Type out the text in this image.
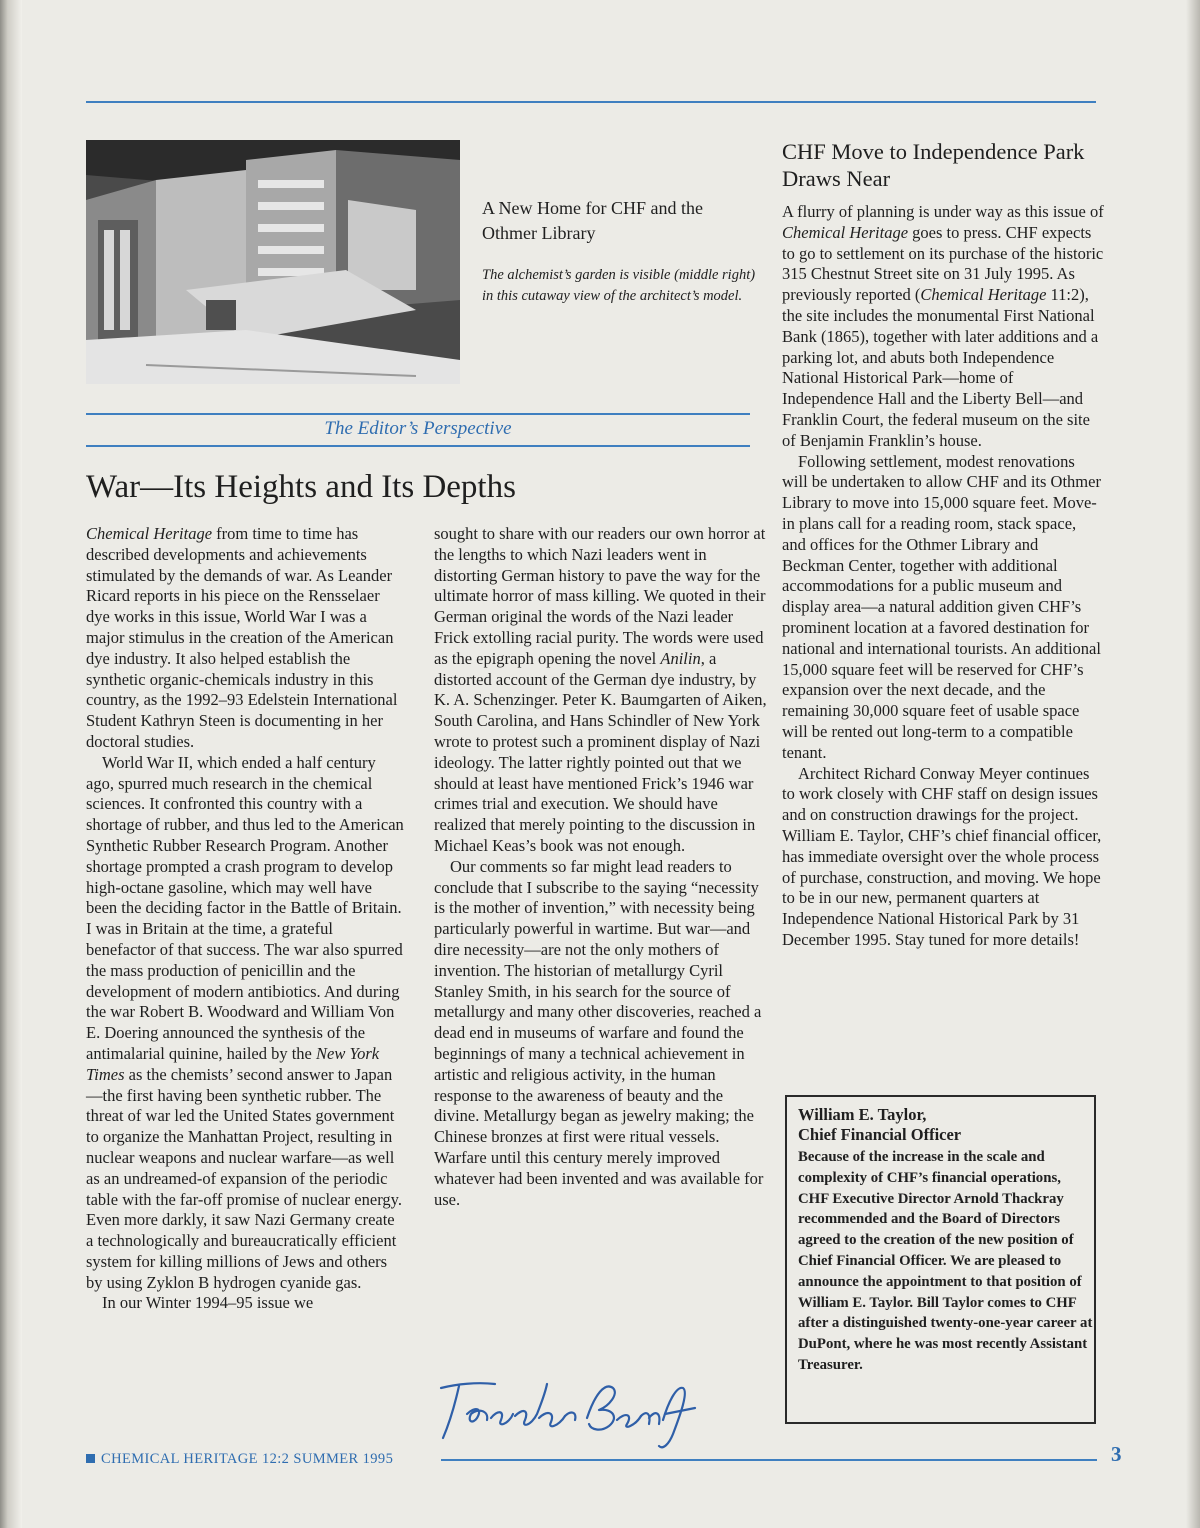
A New Home for CHF and the Othmer Library
The alchemist’s garden is visible (middle right) in this cutaway view of the architect’s model.
The Editor’s Perspective
War—Its Heights and Its Depths

Chemical Heritage from time to time has described developments and achievements stimulated by the demands of war. As Leander Ricard reports in his piece on the Rensselaer dye works in this issue, World War I was a major stimulus in the creation of the American dye industry. It also helped establish the synthetic organic-chemicals industry in this country, as the 1992–93 Edelstein International Student Kathryn Steen is documenting in her doctoral studies.

World War II, which ended a half century ago, spurred much research in the chemical sciences. It confronted this country with a shortage of rubber, and thus led to the American Synthetic Rubber Research Program. Another shortage prompted a crash program to develop high-octane gasoline, which may well have been the deciding factor in the Battle of Britain. I was in Britain at the time, a grateful benefactor of that success. The war also spurred the mass production of penicillin and the development of modern antibiotics. And during the war Robert B. Woodward and William Von E. Doering announced the synthesis of the antimalarial quinine, hailed by the New York Times as the chemists’ second answer to Japan—the first having been synthetic rubber. The threat of war led the United States government to organize the Manhattan Project, resulting in nuclear weapons and nuclear warfare—as well as an undreamed-of expansion of the periodic table with the far-off promise of nuclear energy. Even more darkly, it saw Nazi Germany create a technologically and bureaucratically efficient system for killing millions of Jews and others by using Zyklon B hydrogen cyanide gas.

In our Winter 1994–95 issue we

sought to share with our readers our own horror at the lengths to which Nazi leaders went in distorting German history to pave the way for the ultimate horror of mass killing. We quoted in their German original the words of the Nazi leader Frick extolling racial purity. The words were used as the epigraph opening the novel Anilin, a distorted account of the German dye industry, by K. A. Schenzinger. Peter K. Baumgarten of Aiken, South Carolina, and Hans Schindler of New York wrote to protest such a prominent display of Nazi ideology. The latter rightly pointed out that we should at least have mentioned Frick’s 1946 war crimes trial and execution. We should have realized that merely pointing to the discussion in Michael Keas’s book was not enough.

Our comments so far might lead readers to conclude that I subscribe to the saying “necessity is the mother of invention,” with necessity being particularly powerful in wartime. But war—and dire necessity—are not the only mothers of invention. The historian of metallurgy Cyril Stanley Smith, in his search for the source of metallurgy and many other discoveries, reached a dead end in museums of warfare and found the beginnings of many a technical achievement in artistic and religious activity, in the human response to the awareness of beauty and the divine. Metallurgy began as jewelry making; the Chinese bronzes at first were ritual vessels. Warfare until this century merely improved whatever had been invented and was available for use.

CHF Move to Independence Park Draws Near

A flurry of planning is under way as this issue of Chemical Heritage goes to press. CHF expects to go to settlement on its purchase of the historic 315 Chestnut Street site on 31 July 1995. As previously reported (Chemical Heritage 11:2), the site includes the monumental First National Bank (1865), together with later additions and a parking lot, and abuts both Independence National Historical Park—home of Independence Hall and the Liberty Bell—and Franklin Court, the federal museum on the site of Benjamin Franklin’s house.

Following settlement, modest renovations will be undertaken to allow CHF and its Othmer Library to move into 15,000 square feet. Move-in plans call for a reading room, stack space, and offices for the Othmer Library and Beckman Center, together with additional accommodations for a public museum and display area—a natural addition given CHF’s prominent location at a favored destination for national and international tourists. An additional 15,000 square feet will be reserved for CHF’s expansion over the next decade, and the remaining 30,000 square feet of usable space will be rented out long-term to a compatible tenant.

Architect Richard Conway Meyer continues to work closely with CHF staff on design issues and on construction drawings for the project. William E. Taylor, CHF’s chief financial officer, has immediate oversight over the whole process of purchase, construction, and moving. We hope to be in our new, permanent quarters at Independence National Historical Park by 31 December 1995. Stay tuned for more details!

William E. Taylor,
Chief Financial Officer
Because of the increase in the scale and complexity of CHF’s financial operations, CHF Executive Director Arnold Thackray recommended and the Board of Directors agreed to the creation of the new position of Chief Financial Officer. We are pleased to announce the appointment to that position of William E. Taylor. Bill Taylor comes to CHF after a distinguished twenty-one-year career at DuPont, where he was most recently Assistant Treasurer.
CHEMICAL HERITAGE 12:2 SUMMER 1995	3
